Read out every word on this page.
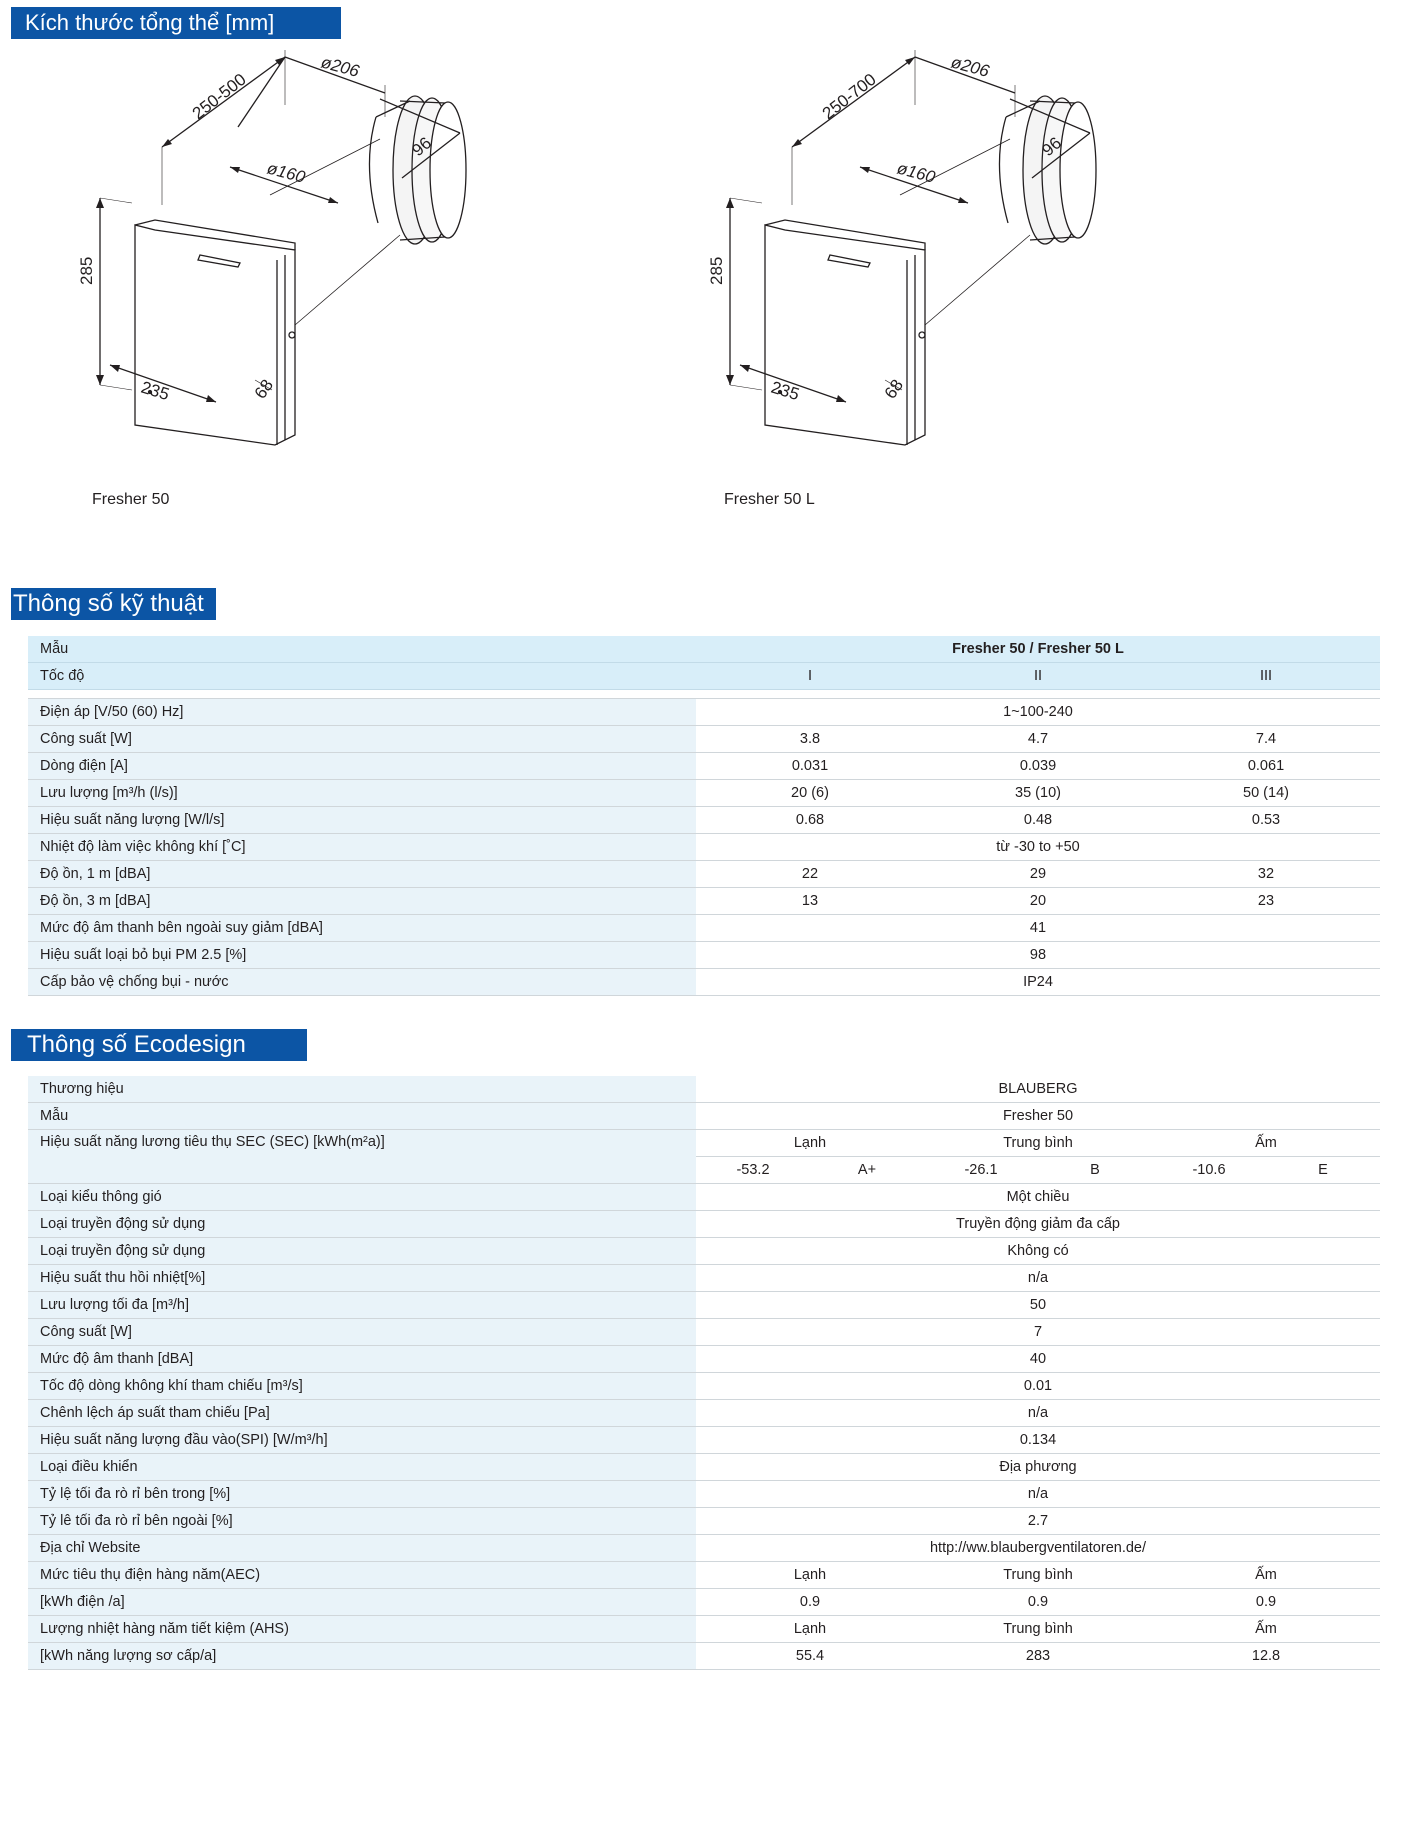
Kích thước tổng thể [mm]
250-500
ø206
ø160
96
285
235	68
Fresher 50
250-700
ø206
ø160
96
285
235	68
Fresher 50 L
Thông số kỹ thuật
Mẫu	Fresher 50 / Fresher 50 L		
Tốc độ	I	II	III

Điện áp [V/50 (60) Hz]	1~100-240		
Công suất [W]	3.8	4.7	7.4
Dòng điện [A]	0.031	0.039	0.061
Lưu lượng [m³/h (l/s)]	20 (6)	35 (10)	50 (14)
Hiệu suất năng lượng [W/l/s]	0.68	0.48	0.53
Nhiệt độ làm việc không khí [˚C]	từ -30 to +50		
Độ ồn, 1 m [dBA]	22	29	32
Độ ồn, 3 m [dBA]	13	20	23
Mức độ âm thanh bên ngoài suy giảm [dBA]	41		
Hiệu suất loại bỏ bụi PM 2.5 [%]	98		
Cấp bảo vệ chống bụi - nước	IP24		
Thông số Ecodesign
Thương hiệu	BLAUBERG					
Mẫu	Fresher 50					
Hiệu suất năng lương tiêu thụ SEC (SEC) [kWh(m²a)]	Lạnh		Trung bình		Ấm	
	-53.2	A+	-26.1	B	-10.6	E
Loại kiểu thông gió	Một chiều					
Loại truyền động sử dụng	Truyền động giảm đa cấp					
Loại truyền động sử dụng	Không có					
Hiệu suất thu hồi nhiệt[%]	n/a					
Lưu lượng tối đa [m³/h]	50					
Công suất [W]	7					
Mức độ âm thanh [dBA]	40					
Tốc độ dòng không khí tham chiếu [m³/s]	0.01					
Chênh lệch áp suất tham chiếu [Pa]	n/a					
Hiệu suất năng lượng đầu vào(SPI) [W/m³/h]	0.134					
Loại điều khiển	Địa phương					
Tỷ lệ tối đa rò rỉ bên trong [%]	n/a					
Tỷ lê tối đa rò rỉ bên ngoài [%]	2.7					
Địa chỉ Website	http://ww.blaubergventilatoren.de/					
Mức tiêu thụ điện hàng năm(AEC)	Lạnh		Trung bình		Ấm	
[kWh điện /a]	0.9		0.9		0.9	
Lượng nhiệt hàng năm tiết kiệm (AHS)	Lạnh		Trung bình		Ấm	
[kWh năng lượng sơ cấp/a]	55.4		283		12.8	
